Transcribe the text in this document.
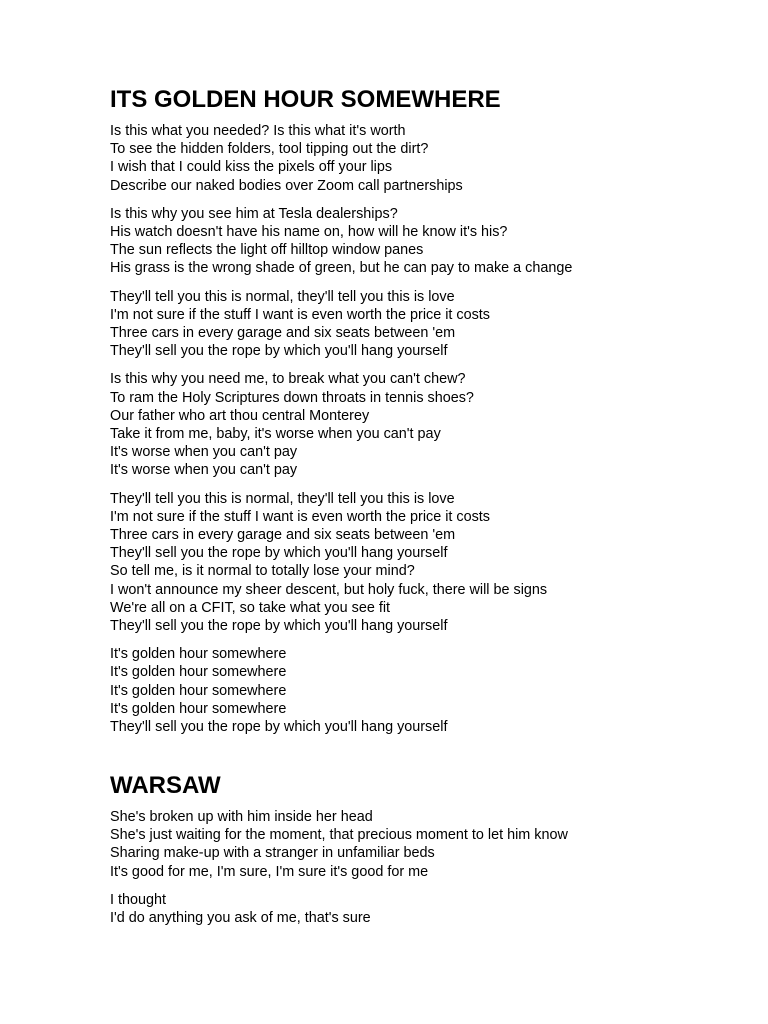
ITS GOLDEN HOUR SOMEWHERE

Is this what you needed? Is this what it's worth
To see the hidden folders, tool tipping out the dirt?
I wish that I could kiss the pixels off your lips
Describe our naked bodies over Zoom call partnerships

Is this why you see him at Tesla dealerships?
His watch doesn't have his name on, how will he know it's his?
The sun reflects the light off hilltop window panes
His grass is the wrong shade of green, but he can pay to make a change

They'll tell you this is normal, they'll tell you this is love
I'm not sure if the stuff I want is even worth the price it costs
Three cars in every garage and six seats between 'em
They'll sell you the rope by which you'll hang yourself

Is this why you need me, to break what you can't chew?
To ram the Holy Scriptures down throats in tennis shoes?
Our father who art thou central Monterey
Take it from me, baby, it's worse when you can't pay
It's worse when you can't pay
It's worse when you can't pay

They'll tell you this is normal, they'll tell you this is love
I'm not sure if the stuff I want is even worth the price it costs
Three cars in every garage and six seats between 'em
They'll sell you the rope by which you'll hang yourself
So tell me, is it normal to totally lose your mind?
I won't announce my sheer descent, but holy fuck, there will be signs
We're all on a CFIT, so take what you see fit
They'll sell you the rope by which you'll hang yourself

It's golden hour somewhere
It's golden hour somewhere
It's golden hour somewhere
It's golden hour somewhere
They'll sell you the rope by which you'll hang yourself

WARSAW

She's broken up with him inside her head
She's just waiting for the moment, that precious moment to let him know
Sharing make-up with a stranger in unfamiliar beds
It's good for me, I'm sure, I'm sure it's good for me

I thought
I'd do anything you ask of me, that's sure
